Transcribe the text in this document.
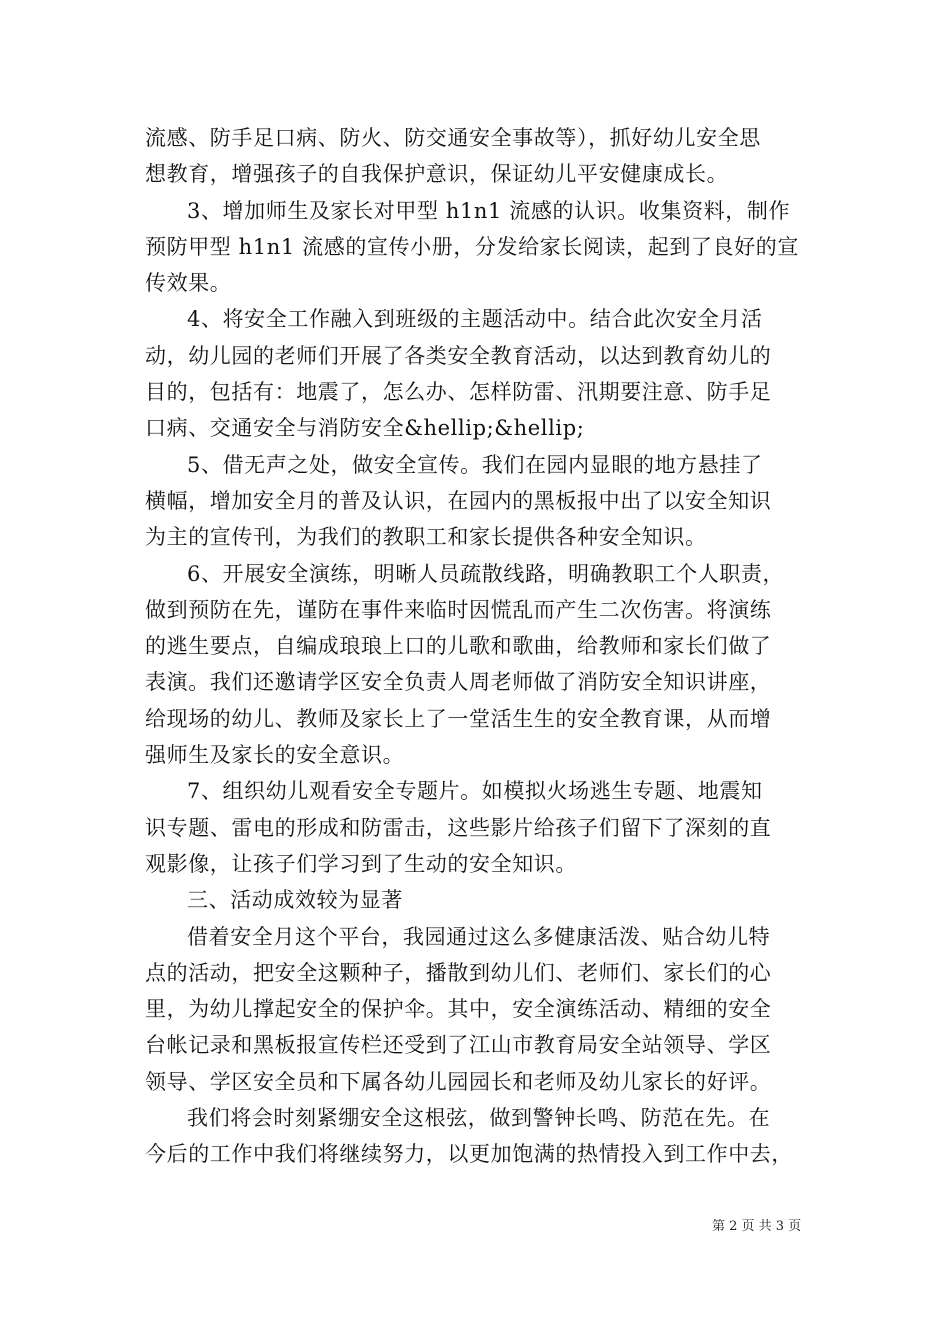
流感、防手足口病、防火、防交通安全事故等），抓好幼儿安全思
想教育，增强孩子的自我保护意识，保证幼儿平安健康成长。
3、增加师生及家长对甲型 h1n1 流感的认识。收集资料，制作
预防甲型 h1n1 流感的宣传小册，分发给家长阅读，起到了良好的宣
传效果。
4、将安全工作融入到班级的主题活动中。结合此次安全月活
动，幼儿园的老师们开展了各类安全教育活动，以达到教育幼儿的
目的，包括有：地震了，怎么办、怎样防雷、汛期要注意、防手足
口病、交通安全与消防安全&hellip;&hellip;
5、借无声之处，做安全宣传。我们在园内显眼的地方悬挂了
横幅，增加安全月的普及认识，在园内的黑板报中出了以安全知识
为主的宣传刊，为我们的教职工和家长提供各种安全知识。
6、开展安全演练，明晰人员疏散线路，明确教职工个人职责，
做到预防在先，谨防在事件来临时因慌乱而产生二次伤害。将演练
的逃生要点，自编成琅琅上口的儿歌和歌曲，给教师和家长们做了
表演。我们还邀请学区安全负责人周老师做了消防安全知识讲座，
给现场的幼儿、教师及家长上了一堂活生生的安全教育课，从而增
强师生及家长的安全意识。
7、组织幼儿观看安全专题片。如模拟火场逃生专题、地震知
识专题、雷电的形成和防雷击，这些影片给孩子们留下了深刻的直
观影像，让孩子们学习到了生动的安全知识。
三、活动成效较为显著
借着安全月这个平台，我园通过这么多健康活泼、贴合幼儿特
点的活动，把安全这颗种子，播散到幼儿们、老师们、家长们的心
里，为幼儿撑起安全的保护伞。其中，安全演练活动、精细的安全
台帐记录和黑板报宣传栏还受到了江山市教育局安全站领导、学区
领导、学区安全员和下属各幼儿园园长和老师及幼儿家长的好评。
我们将会时刻紧绷安全这根弦，做到警钟长鸣、防范在先。在
今后的工作中我们将继续努力，以更加饱满的热情投入到工作中去，
第 2 页 共 3 页
